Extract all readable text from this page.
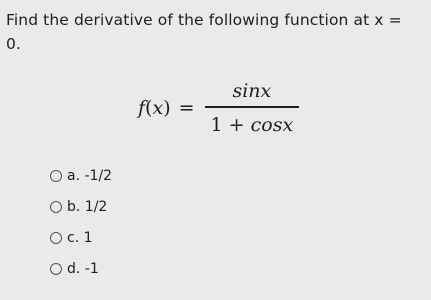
Find the derivative of the following function at x =
0.
$f(x) = \frac{\sin x}{1 + \cos x}$
a. -1/2
b. 1/2
c. 1
d. -1
